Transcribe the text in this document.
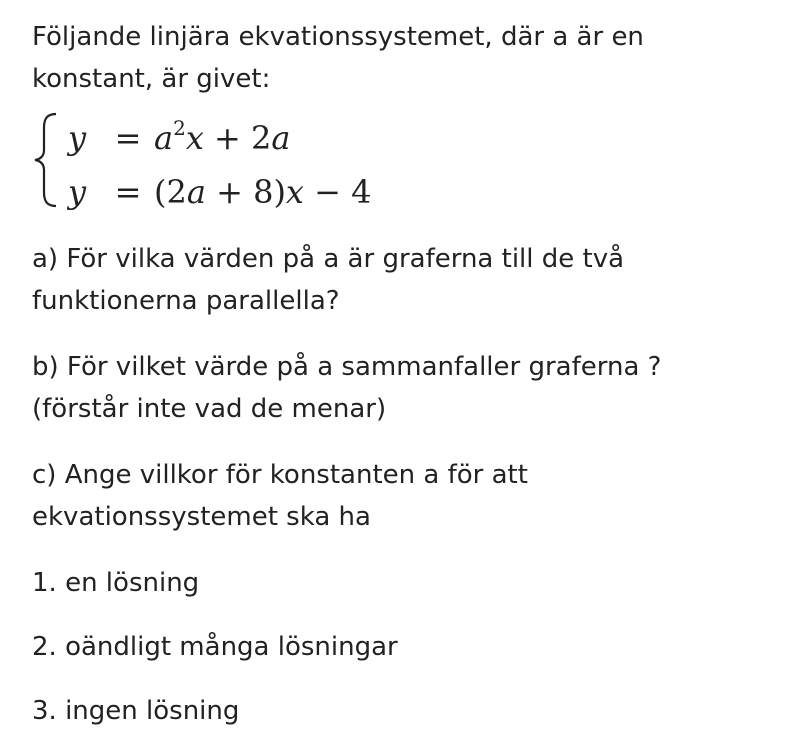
Följande linjära ekvationssystemet, där a är en konstant, är givet:

$y = a^2x + 2a$
y = (2a + 8)x − 4

a) För vilka värden på a är graferna till de två funktionerna parallella?

b) För vilket värde på a sammanfaller graferna ?
(förstår inte vad de menar)

c) Ange villkor för konstanten a för att ekvationssystemet ska ha

1. en lösning

2. oändligt många lösningar

3. ingen lösning
